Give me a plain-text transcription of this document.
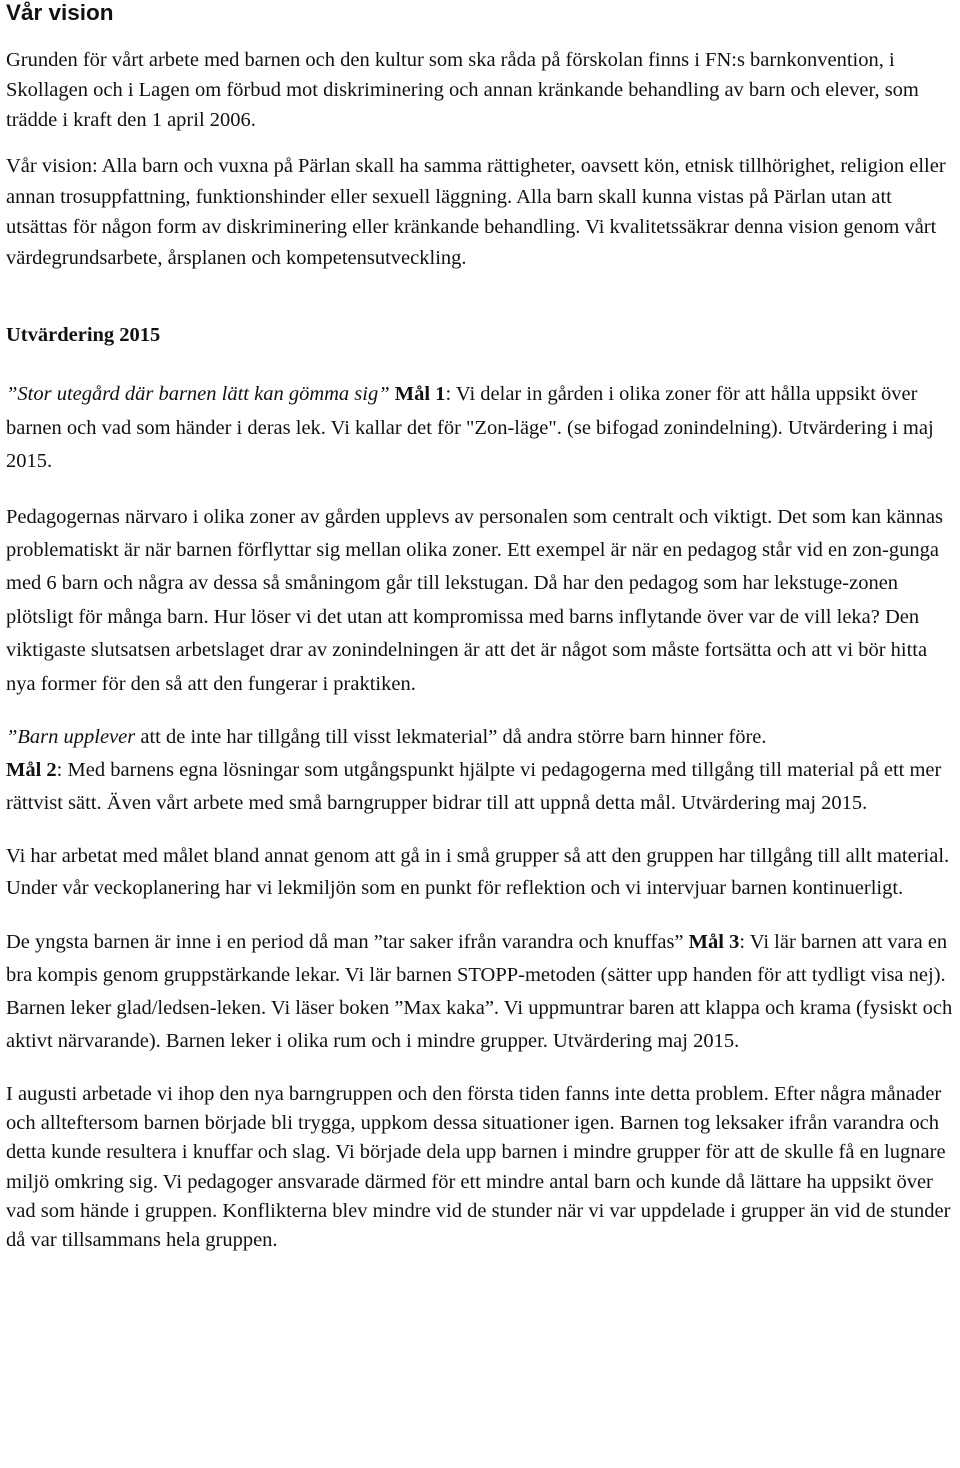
Vår vision

Grunden för vårt arbete med barnen och den kultur som ska råda på förskolan finns i FN:s barnkonvention, i Skollagen och i Lagen om förbud mot diskriminering och annan kränkande behandling av barn och elever, som trädde i kraft den 1 april 2006.

Vår vision: Alla barn och vuxna på Pärlan skall ha samma rättigheter, oavsett kön, etnisk tillhörighet, religion eller annan trosuppfattning, funktionshinder eller sexuell läggning. Alla barn skall kunna vistas på Pärlan utan att utsättas för någon form av diskriminering eller kränkande behandling. Vi kvalitetssäkrar denna vision genom vårt värdegrundsarbete, årsplanen och kompetensutveckling.

Utvärdering 2015

”Stor utegård där barnen lätt kan gömma sig” Mål 1: Vi delar in gården i olika zoner för att hålla uppsikt över barnen och vad som händer i deras lek. Vi kallar det för "Zon-läge". (se bifogad zonindelning). Utvärdering i maj 2015.

Pedagogernas närvaro i olika zoner av gården upplevs av personalen som centralt och viktigt. Det som kan kännas problematiskt är när barnen förflyttar sig mellan olika zoner. Ett exempel är när en pedagog står vid en zon-gunga med 6 barn och några av dessa så småningom går till lekstugan. Då har den pedagog som har lekstuge-zonen plötsligt för många barn. Hur löser vi det utan att kompromissa med barns inflytande över var de vill leka? Den viktigaste slutsatsen arbetslaget drar av zonindelningen är att det är något som måste fortsätta och att vi bör hitta nya former för den så att den fungerar i praktiken.

”Barn upplever att de inte har tillgång till visst lekmaterial” då andra större barn hinner före.
Mål 2: Med barnens egna lösningar som utgångspunkt hjälpte vi pedagogerna med tillgång till material på ett mer rättvist sätt. Även vårt arbete med små barngrupper bidrar till att uppnå detta mål. Utvärdering maj 2015.

Vi har arbetat med målet bland annat genom att gå in i små grupper så att den gruppen har tillgång till allt material. Under vår veckoplanering har vi lekmiljön som en punkt för reflektion och vi intervjuar barnen kontinuerligt.

De yngsta barnen är inne i en period då man ”tar saker ifrån varandra och knuffas” Mål 3: Vi lär barnen att vara en bra kompis genom gruppstärkande lekar. Vi lär barnen STOPP-metoden (sätter upp handen för att tydligt visa nej). Barnen leker glad/ledsen-leken. Vi läser boken ”Max kaka”. Vi uppmuntrar baren att klappa och krama (fysiskt och aktivt närvarande). Barnen leker i olika rum och i mindre grupper. Utvärdering maj 2015.

I augusti arbetade vi ihop den nya barngruppen och den första tiden fanns inte detta problem. Efter några månader och allteftersom barnen började bli trygga, uppkom dessa situationer igen. Barnen tog leksaker ifrån varandra och detta kunde resultera i knuffar och slag. Vi började dela upp barnen i mindre grupper för att de skulle få en lugnare miljö omkring sig. Vi pedagoger ansvarade därmed för ett mindre antal barn och kunde då lättare ha uppsikt över vad som hände i gruppen. Konflikterna blev mindre vid de stunder när vi var uppdelade i grupper än vid de stunder då var tillsammans hela gruppen.
